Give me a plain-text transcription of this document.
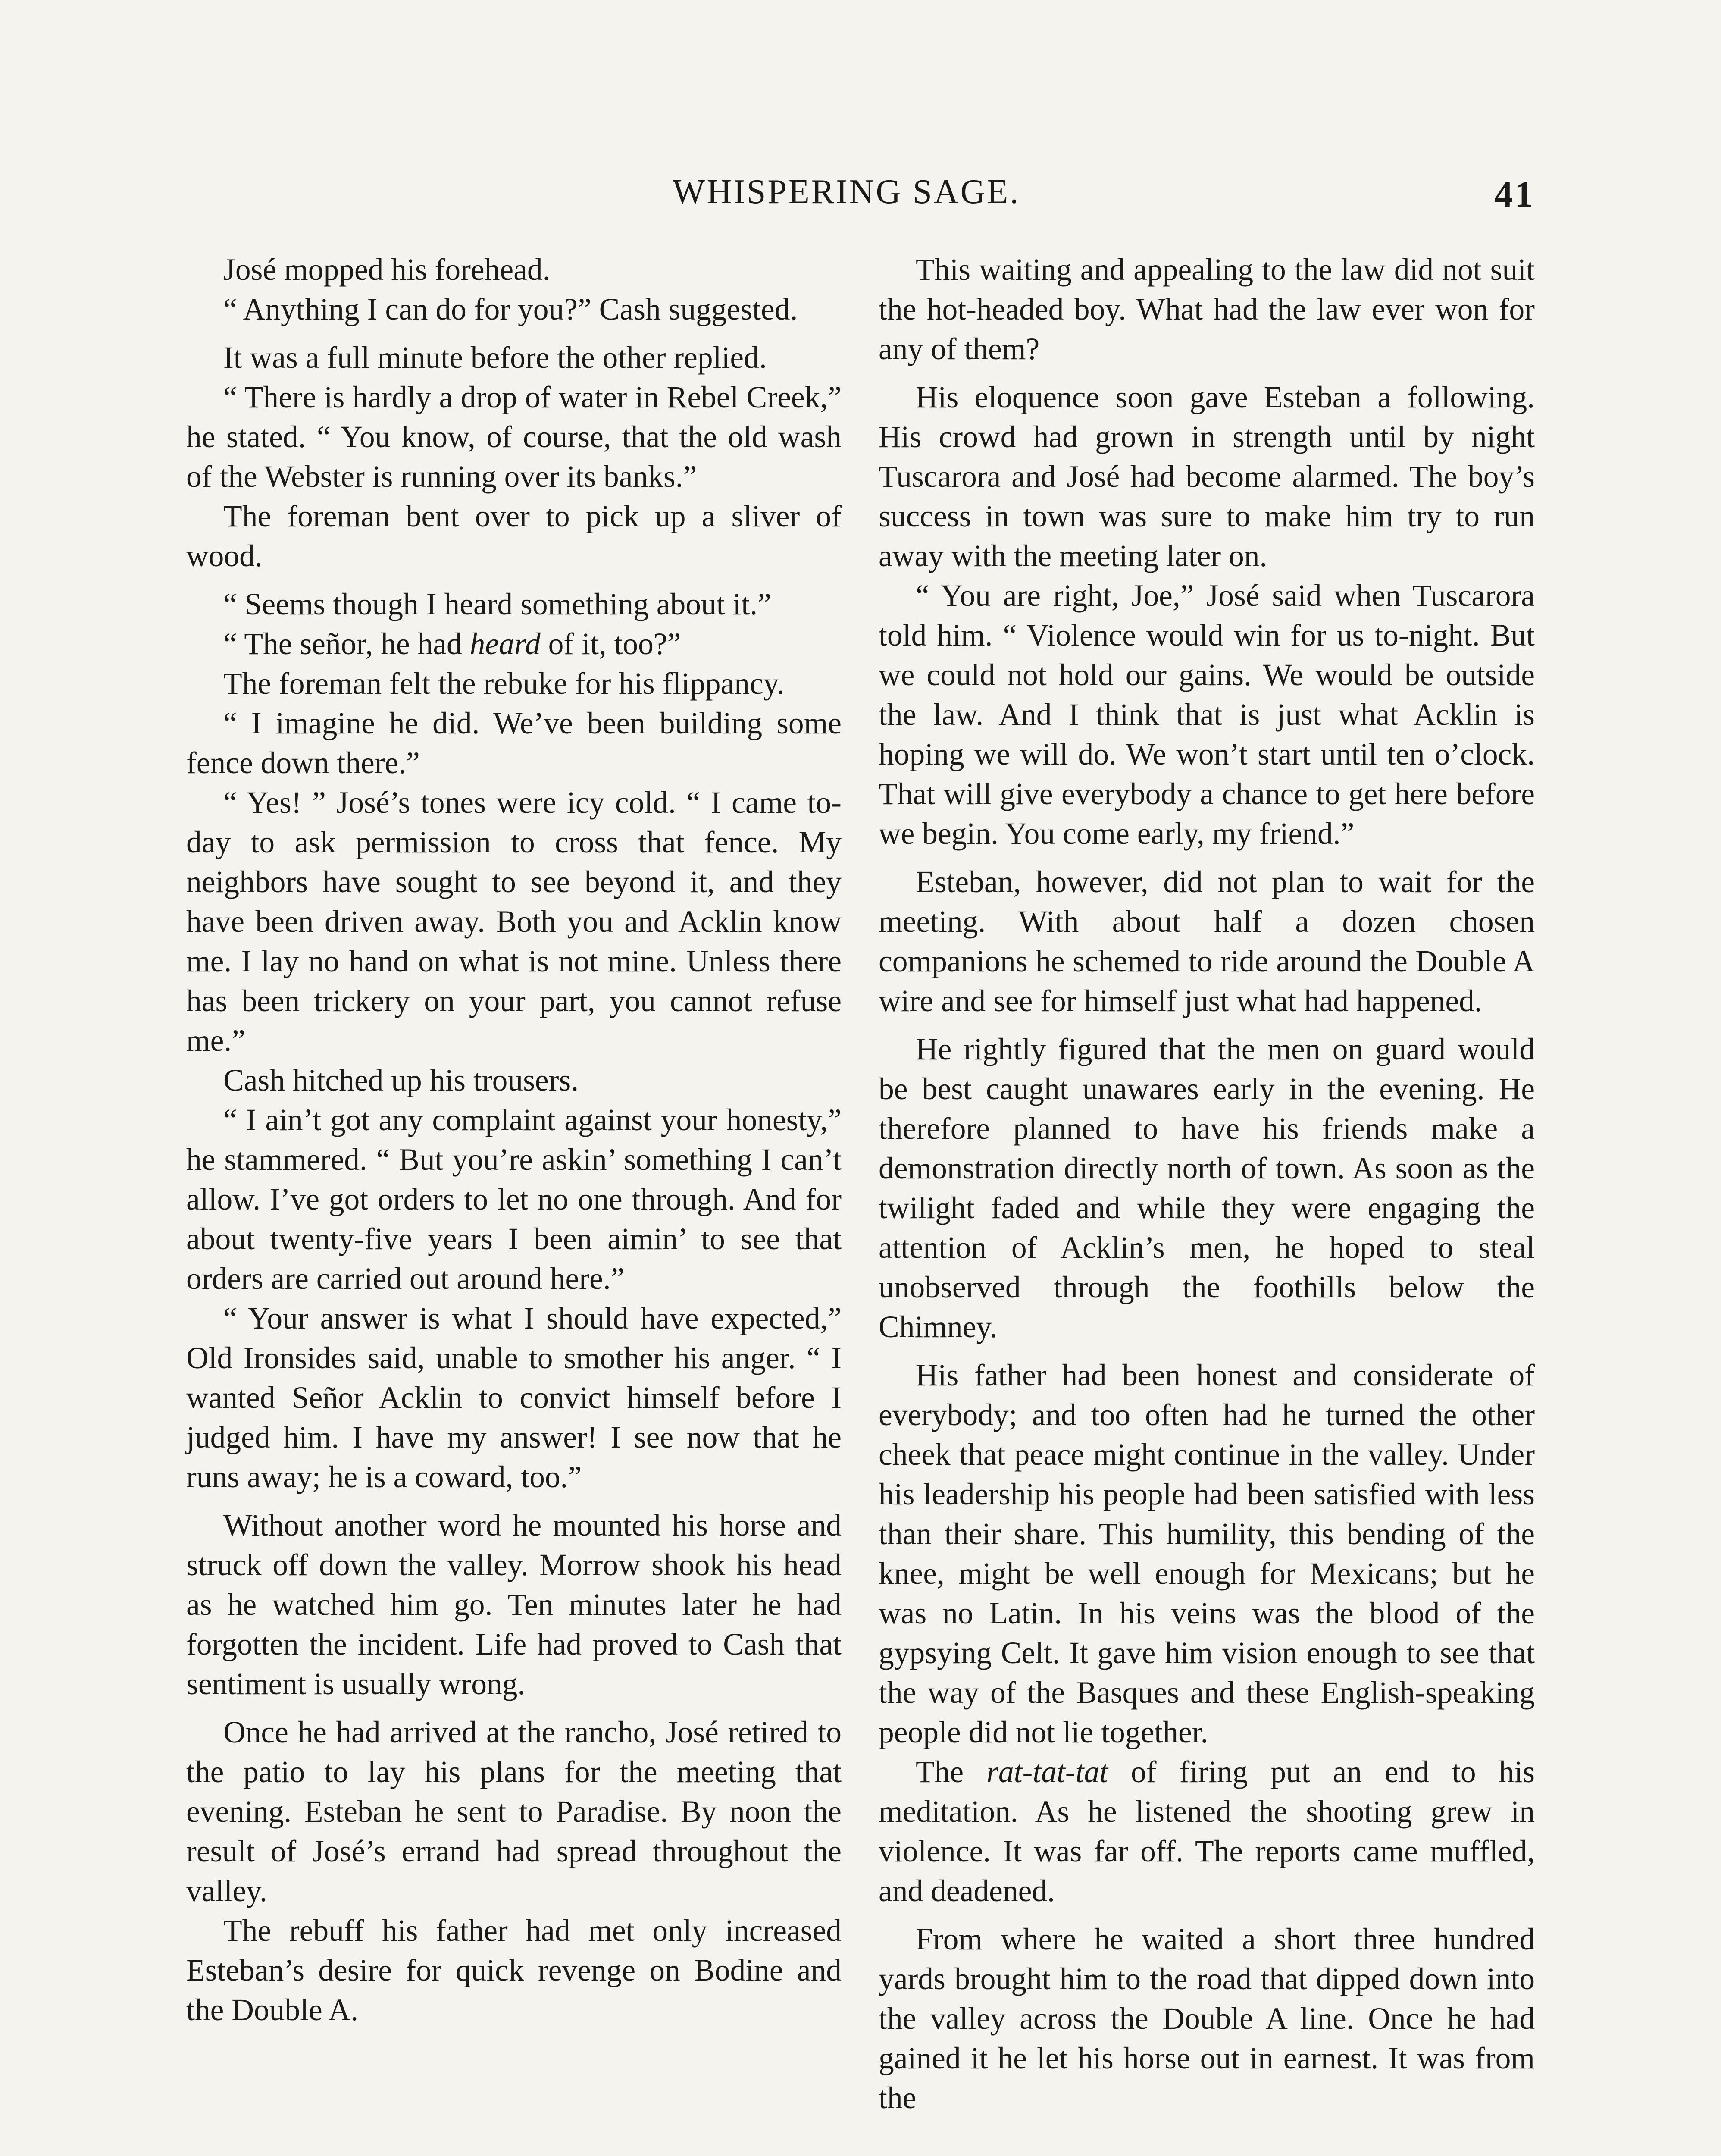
WHISPERING SAGE.	41

José mopped his forehead.

“ Anything I can do for you?” Cash suggested.

It was a full minute before the other replied.

“ There is hardly a drop of water in Rebel Creek,” he stated. “ You know, of course, that the old wash of the Webster is running over its banks.”

The foreman bent over to pick up a sliver of wood.

“ Seems though I heard something about it.”

“ The señor, he had heard of it, too?”

The foreman felt the rebuke for his flippancy.

“ I imagine he did. We’ve been building some fence down there.”

“ Yes! ” José’s tones were icy cold. “ I came to-day to ask permission to cross that fence. My neighbors have sought to see beyond it, and they have been driven away. Both you and Acklin know me. I lay no hand on what is not mine. Unless there has been trickery on your part, you cannot refuse me.”

Cash hitched up his trousers.

“ I ain’t got any complaint against your honesty,” he stammered. “ But you’re askin’ something I can’t allow. I’ve got orders to let no one through. And for about twenty-five years I been aimin’ to see that orders are carried out around here.”

“ Your answer is what I should have expected,” Old Ironsides said, unable to smother his anger. “ I wanted Señor Acklin to convict himself before I judged him. I have my answer! I see now that he runs away; he is a coward, too.”

Without another word he mounted his horse and struck off down the valley. Morrow shook his head as he watched him go. Ten minutes later he had forgotten the incident. Life had proved to Cash that sentiment is usually wrong.

Once he had arrived at the rancho, José retired to the patio to lay his plans for the meeting that evening. Esteban he sent to Paradise. By noon the result of José’s errand had spread throughout the valley.

The rebuff his father had met only increased Esteban’s desire for quick revenge on Bodine and the Double A.

This waiting and appealing to the law did not suit the hot-headed boy. What had the law ever won for any of them?

His eloquence soon gave Esteban a following. His crowd had grown in strength until by night Tuscarora and José had become alarmed. The boy’s success in town was sure to make him try to run away with the meeting later on.

“ You are right, Joe,” José said when Tuscarora told him. “ Violence would win for us to-night. But we could not hold our gains. We would be outside the law. And I think that is just what Acklin is hoping we will do. We won’t start until ten o’clock. That will give everybody a chance to get here before we begin. You come early, my friend.”

Esteban, however, did not plan to wait for the meeting. With about half a dozen chosen companions he schemed to ride around the Double A wire and see for himself just what had happened.

He rightly figured that the men on guard would be best caught unawares early in the evening. He therefore planned to have his friends make a demonstration directly north of town. As soon as the twilight faded and while they were engaging the attention of Acklin’s men, he hoped to steal unobserved through the foothills below the Chimney.

His father had been honest and considerate of everybody; and too often had he turned the other cheek that peace might continue in the valley. Under his leadership his people had been satisfied with less than their share. This humility, this bending of the knee, might be well enough for Mexicans; but he was no Latin. In his veins was the blood of the gypsying Celt. It gave him vision enough to see that the way of the Basques and these English-speaking people did not lie together.

The rat-tat-tat of firing put an end to his meditation. As he listened the shooting grew in violence. It was far off. The reports came muffled, and deadened.

From where he waited a short three hundred yards brought him to the road that dipped down into the valley across the Double A line. Once he had gained it he let his horse out in earnest. It was from the
